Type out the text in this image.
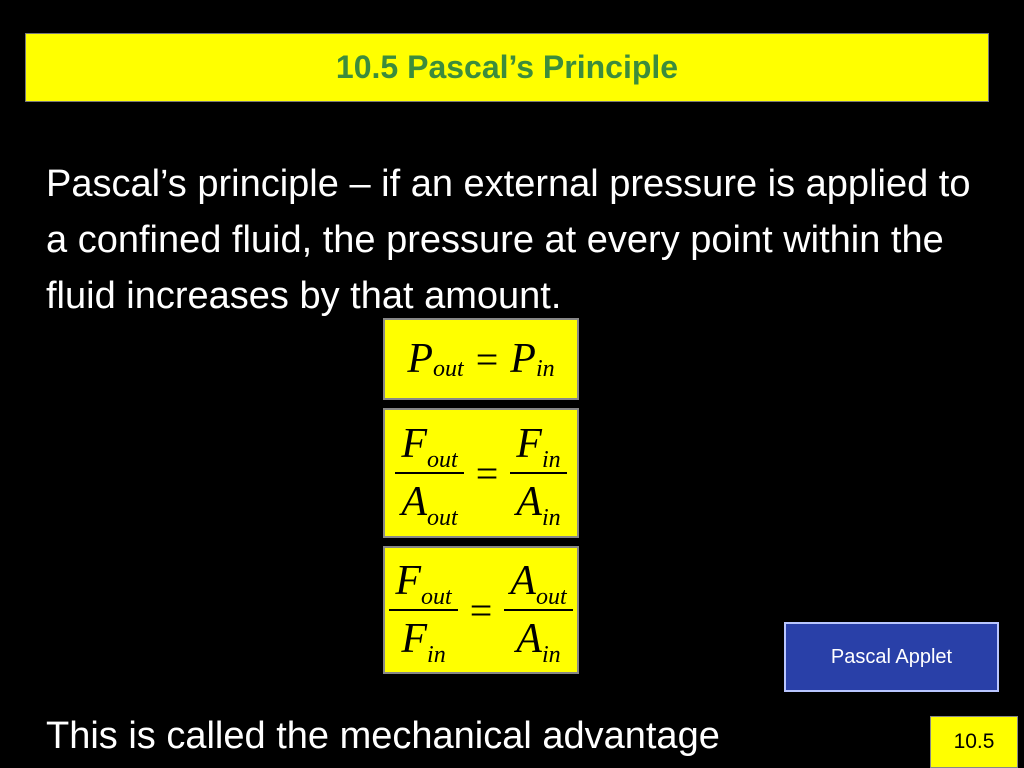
10.5 Pascal’s Principle
Pascal’s principle – if an external pressure is applied to a confined fluid, the pressure at every point within the fluid increases by that amount.
P out = P in
$\frac{\text{Fout}}{\text{Aout}} = \frac{\text{Fin}}{\text{Ain}}$
$\frac{\text{Fout}}{\text{Fin}} = \frac{\text{Aout}}{\text{Ain}}$	Pascal Applet
This is called the mechanical advantage	10.5
